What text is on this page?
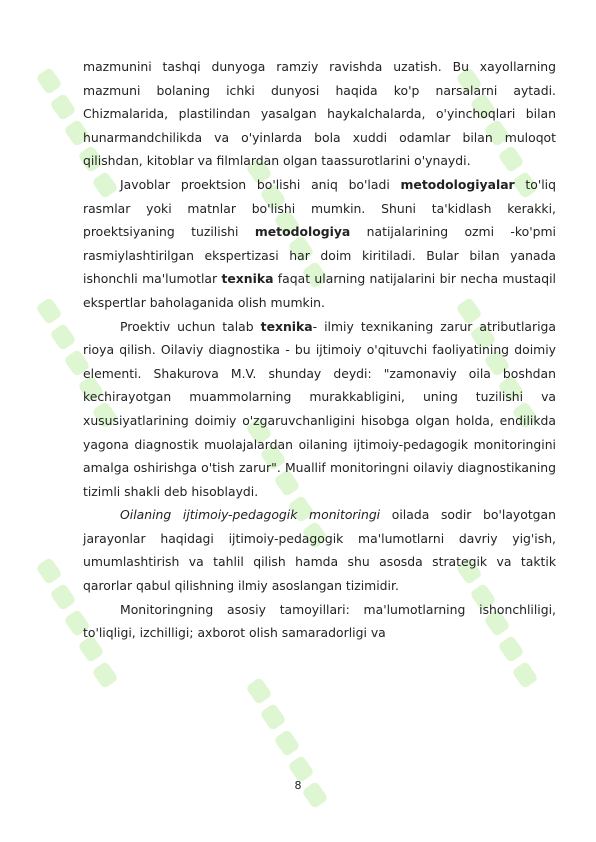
mazmunini tashqi dunyoga ramziy ravishda uzatish. Bu xayollarning mazmuni bolaning ichki dunyosi haqida ko'p narsalarni aytadi. Chizmalarida, plastilindan yasalgan haykalchalarda, o'yinchoqlari bilan hunarmandchilikda va o'yinlarda bola xuddi odamlar bilan muloqot qilishdan, kitoblar va filmlardan olgan taassurotlarini o'ynaydi.

Javoblar proektsion bo'lishi aniq bo'ladi metodologiyalar to'liq rasmlar yoki matnlar bo'lishi mumkin. Shuni ta'kidlash kerakki, proektsiyaning tuzilishi metodologiya natijalarining ozmi -ko'pmi rasmiylashtirilgan ekspertizasi har doim kiritiladi. Bular bilan yanada ishonchli ma'lumotlar texnika faqat ularning natijalarini bir necha mustaqil ekspertlar baholaganida olish mumkin.

Proektiv uchun talab texnika- ilmiy texnikaning zarur atributlariga rioya qilish. Oilaviy diagnostika - bu ijtimoiy o'qituvchi faoliyatining doimiy elementi. Shakurova M.V. shunday deydi: "zamonaviy oila boshdan kechirayotgan muammolarning murakkabligini, uning tuzilishi va xususiyatlarining doimiy o'zgaruvchanligini hisobga olgan holda, endilikda yagona diagnostik muolajalardan oilaning ijtimoiy-pedagogik monitoringini amalga oshirishga o'tish zarur". Muallif monitoringni oilaviy diagnostikaning tizimli shakli deb hisoblaydi.

Oilaning ijtimoiy-pedagogik monitoringi oilada sodir bo'layotgan jarayonlar haqidagi ijtimoiy-pedagogik ma'lumotlarni davriy yig'ish, umumlashtirish va tahlil qilish hamda shu asosda strategik va taktik qarorlar qabul qilishning ilmiy asoslangan tizimidir.

Monitoringning asosiy tamoyillari: ma'lumotlarning ishonchliligi, to'liqligi, izchilligi; axborot olish samaradorligi va

8
